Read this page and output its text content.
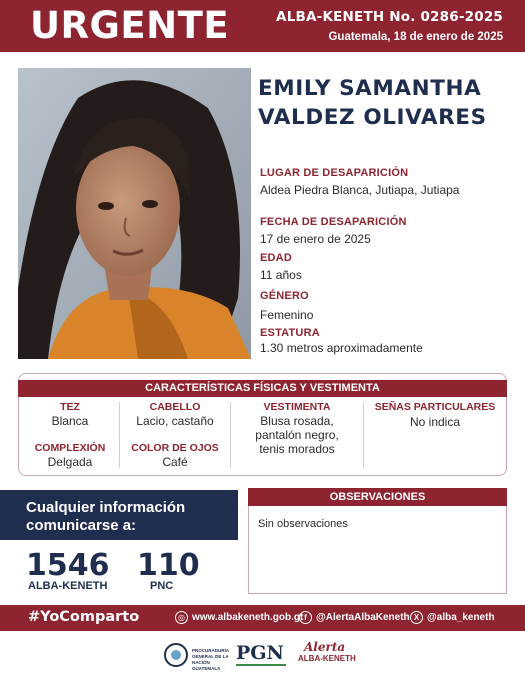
URGENTE	ALBA-KENETH No. 0286-2025
Guatemala, 18 de enero de 2025
EMILY SAMANTHA
VALDEZ OLIVARES
LUGAR DE DESAPARICIÓN
Aldea Piedra Blanca, Jutiapa, Jutiapa
FECHA DE DESAPARICIÓN
17 de enero de 2025
EDAD
11 años
GÉNERO
Femenino
ESTATURA
1.30 metros aproximadamente
CARACTERÍSTICAS FÍSICAS Y VESTIMENTA
TEZ
Blanca
COMPLEXIÓN
Delgada
CABELLO
Lacio, castaño
COLOR DE OJOS
Café
VESTIMENTA
Blusa rosada,
pantalón negro,
tenis morados
SEÑAS PARTICULARES
No indica
Cualquier información
comunicarse a:
1546
ALBA-KENETH
110
PNC
OBSERVACIONES
Sin observaciones
#YoComparto	◎ www.albakeneth.gob.gt f @AlertaAlbaKeneth X @alba_keneth
PROCURADURÍA GENERAL DE LA NACIÓN
GUATEMALA
PGN Alerta
ALBA-KENETH
